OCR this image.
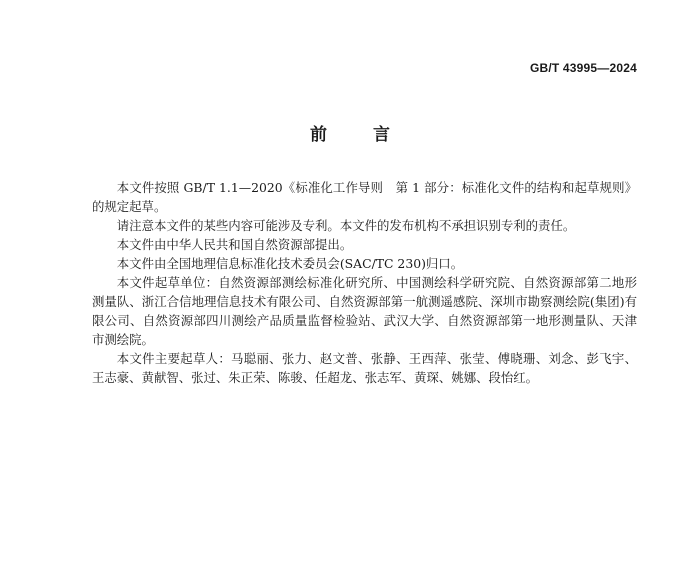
GB/T 43995—2024
前 言

本文件按照 GB/T 1.1—2020《标准化工作导则　第 1 部分：标准化文件的结构和起草规则》的规定起草。

请注意本文件的某些内容可能涉及专利。本文件的发布机构不承担识别专利的责任。

本文件由中华人民共和国自然资源部提出。

本文件由全国地理信息标准化技术委员会(SAC/TC 230)归口。

本文件起草单位：自然资源部测绘标准化研究所、中国测绘科学研究院、自然资源部第二地形测量队、浙江合信地理信息技术有限公司、自然资源部第一航测遥感院、深圳市勘察测绘院(集团)有限公司、自然资源部四川测绘产品质量监督检验站、武汉大学、自然资源部第一地形测量队、天津市测绘院。

本文件主要起草人：马聪丽、张力、赵文普、张静、王西萍、张莹、傅晓珊、刘念、彭飞宇、王志豪、黄献智、张过、朱正荣、陈骏、任超龙、张志军、黄琛、姚娜、段怡红。
